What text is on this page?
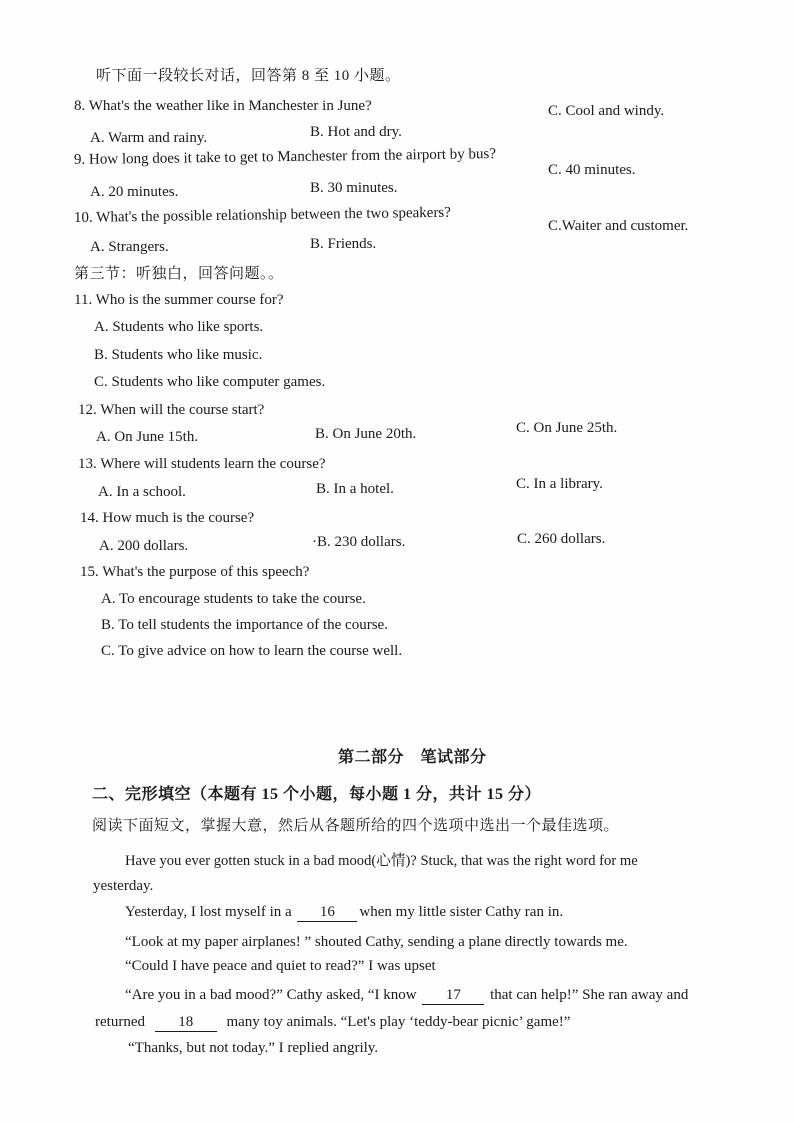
听下面一段较长对话，回答第 8 至 10 小题。
8. What's the weather like in Manchester in June?	C. Cool and windy.
A. Warm and rainy.	B. Hot and dry.
9. How long does it take to get to Manchester from the airport by bus?
C. 40 minutes.
A. 20 minutes.	B. 30 minutes.
10. What's the possible relationship between the two speakers?
C.Waiter and customer.
A. Strangers.	B. Friends.
第三节：听独白，回答问题。。
11. Who is the summer course for?
A. Students who like sports.
B. Students who like music.
C. Students who like computer games.
12. When will the course start?
A. On June 15th.	B. On June 20th.	C. On June 25th.
13. Where will students learn the course?
A. In a school.	B. In a hotel.	C. In a library.
14. How much is the course?
A. 200 dollars.	·B. 230 dollars.	C. 260 dollars.
15. What's the purpose of this speech?
A. To encourage students to take the course.
B. To tell students the importance of the course.
C. To give advice on how to learn the course well.
第二部分　笔试部分
二、完形填空（本题有 15 个小题，每小题 1 分，共计 15 分）
阅读下面短文，掌握大意，然后从各题所给的四个选项中选出一个最佳选项。
Have you ever gotten stuck in a bad mood(心情)? Stuck, that was the right word for me
yesterday.
Yesterday, I lost myself in a 16 when my little sister Cathy ran in.
“Look at my paper airplanes! ” shouted Cathy, sending a plane directly towards me.
“Could I have peace and quiet to read?” I was upset
“Are you in a bad mood?” Cathy asked, “I know 17 that can help!” She ran away and
returned 18 many toy animals. “Let's play ‘teddy-bear picnic’ game!”
“Thanks, but not today.” I replied angrily.
